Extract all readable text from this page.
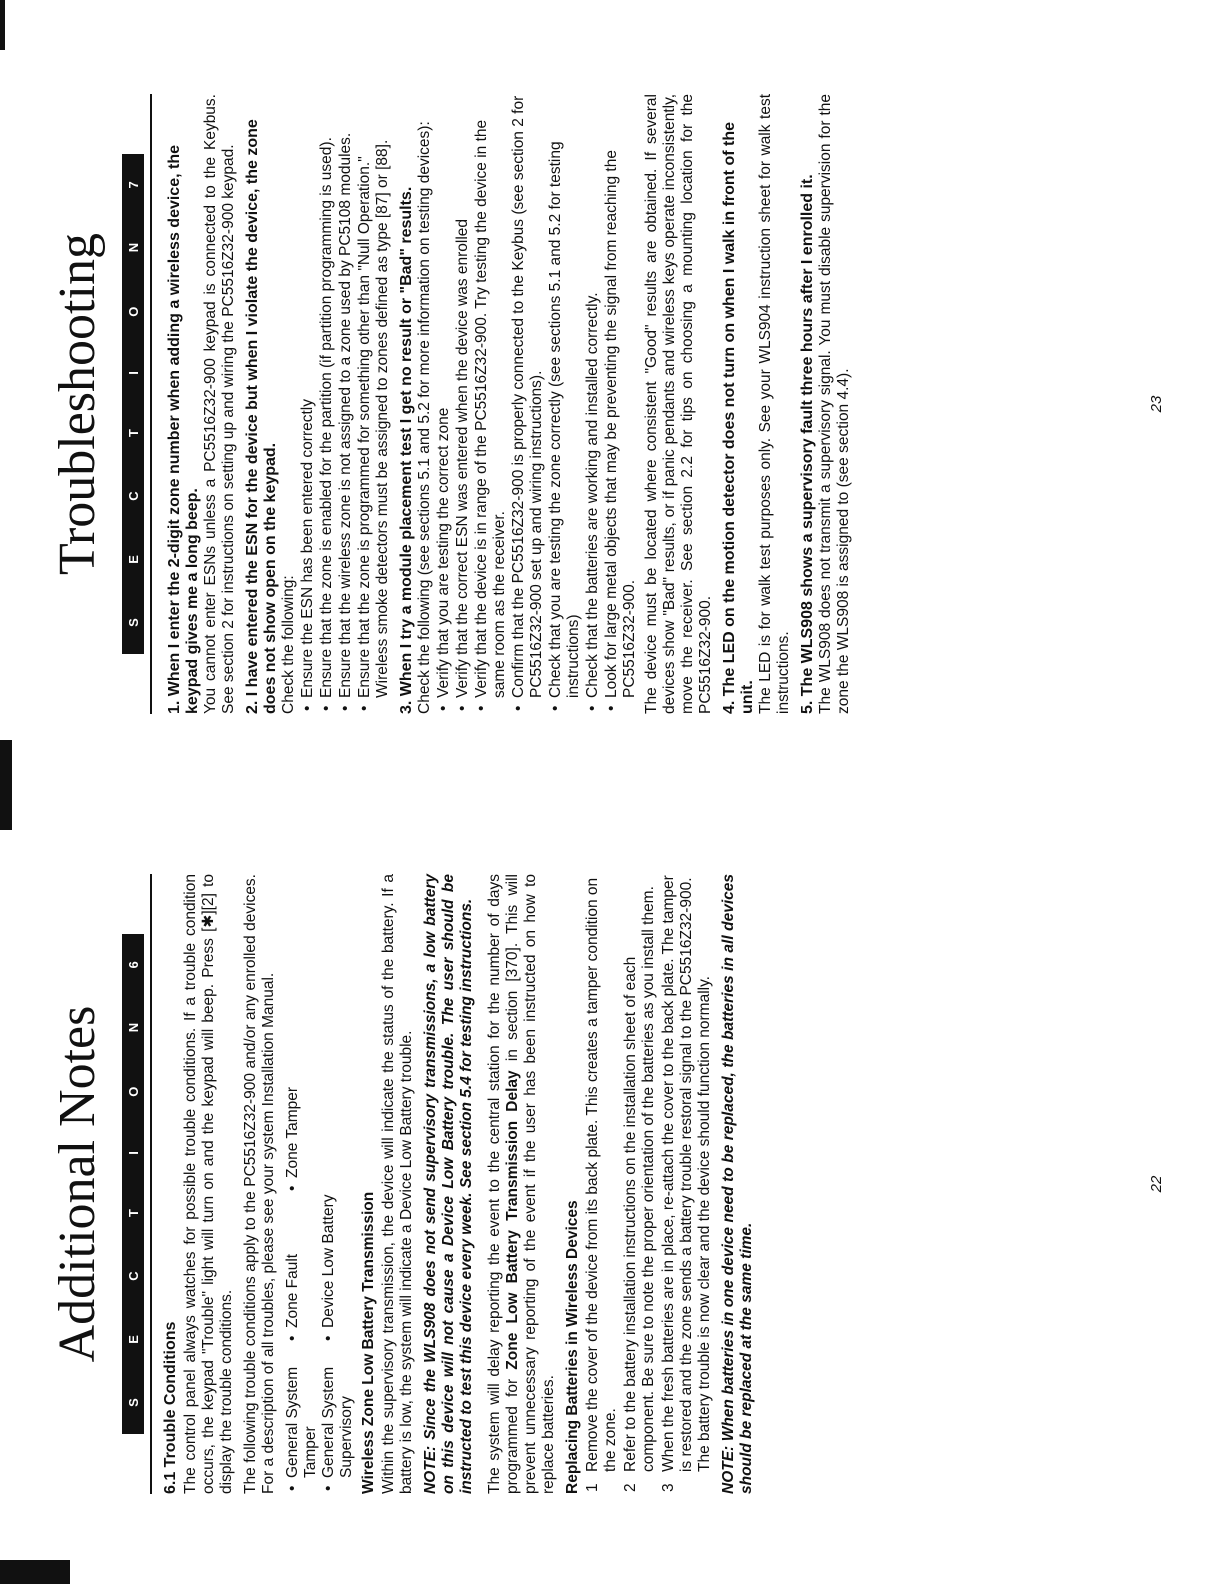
Additional Notes
S
E
C
T
I
O
N
6
6.1 Trouble Conditions The control panel always watches for possible trouble conditions. If a trouble condition occurs, the keypad "Trouble" light will turn on and the keypad will beep. Press [✱][2] to display the trouble conditions. The following trouble conditions apply to the PC5516Z32-900 and/or any enrolled devices. For a description of all troubles, please see your system Installation Manual. • General System Tamper
• Zone Fault
• Zone Tamper
• General System Supervisory
• Device Low Battery	Wireless Zone Low Battery Transmission Within the supervisory transmission, the device will indicate the status of the battery. If a battery is low, the system will indicate a Device Low Battery trouble. NOTE: Since the WLS908 does not send supervisory transmissions, a low battery on this device will not cause a Device Low Battery trouble. The user should be instructed to test this device every week. See section 5.4 for testing instructions. The system will delay reporting the event to the central station for the number of days programmed for Zone Low Battery Transmission Delay in section [370]. This will prevent unnecessary reporting of the event if the user has been instructed on how to replace batteries. Replacing Batteries in Wireless Devices 1
Remove the cover of the device from its back plate. This creates a tamper condition on the zone.
2
Refer to the battery installation instructions on the installation sheet of each component. Be sure to note the proper orientation of the batteries as you install them.
3
When the fresh batteries are in place, re-attach the cover to the back plate. The tamper is restored and the zone sends a battery trouble restoral signal to the PC5516Z32-900. The battery trouble is now clear and the device should function normally. NOTE: When batteries in one device need to be replaced, the batteries in all devices should be replaced at the same time.

22
Troubleshooting
S
E
C
T
I
O
N
7 1. When I enter the 2-digit zone number when adding a wireless device, the keypad gives me a long beep. You cannot enter ESNs unless a PC5516Z32-900 keypad is connected to the Keybus. See section 2 for instructions on setting up and wiring the PC5516Z32-900 keypad. 2. I have entered the ESN for the device but when I violate the device, the zone does not show open on the keypad. Check the following: • Ensure the ESN has been entered correctly • Ensure that the zone is enabled for the partition (if partition programming is used). • Ensure that the wireless zone is not assigned to a zone used by PC5108 modules. • Ensure that the zone is programmed for something other than "Null Operation." Wireless smoke detectors must be assigned to zones defined as type [87] or [88]. 3. When I try a module placement test I get no result or "Bad" results. Check the following (see sections 5.1 and 5.2 for more information on testing devices): • Verify that you are testing the correct zone • Verify that the correct ESN was entered when the device was enrolled • Verify that the device is in range of the PC5516Z32-900. Try testing the device in the same room as the receiver. • Confirm that the PC5516Z32-900 is properly connected to the Keybus (see section 2 for PC5516Z32-900 set up and wiring instructions). • Check that you are testing the zone correctly (see sections 5.1 and 5.2 for testing instructions) • Check that the batteries are working and installed correctly. • Look for large metal objects that may be preventing the signal from reaching the PC5516Z32-900. The device must be located where consistent "Good" results are obtained. If several devices show "Bad" results, or if panic pendants and wireless keys operate inconsistently, move the receiver. See section 2.2 for tips on choosing a mounting location for the PC5516Z32-900. 4. The LED on the motion detector does not turn on when I walk in front of the unit. The LED is for walk test purposes only. See your WLS904 instruction sheet for walk test instructions. 5. The WLS908 shows a supervisory fault three hours after I enrolled it. The WLS908 does not transmit a supervisory signal. You must disable supervision for the zone the WLS908 is assigned to (see section 4.4).	23
